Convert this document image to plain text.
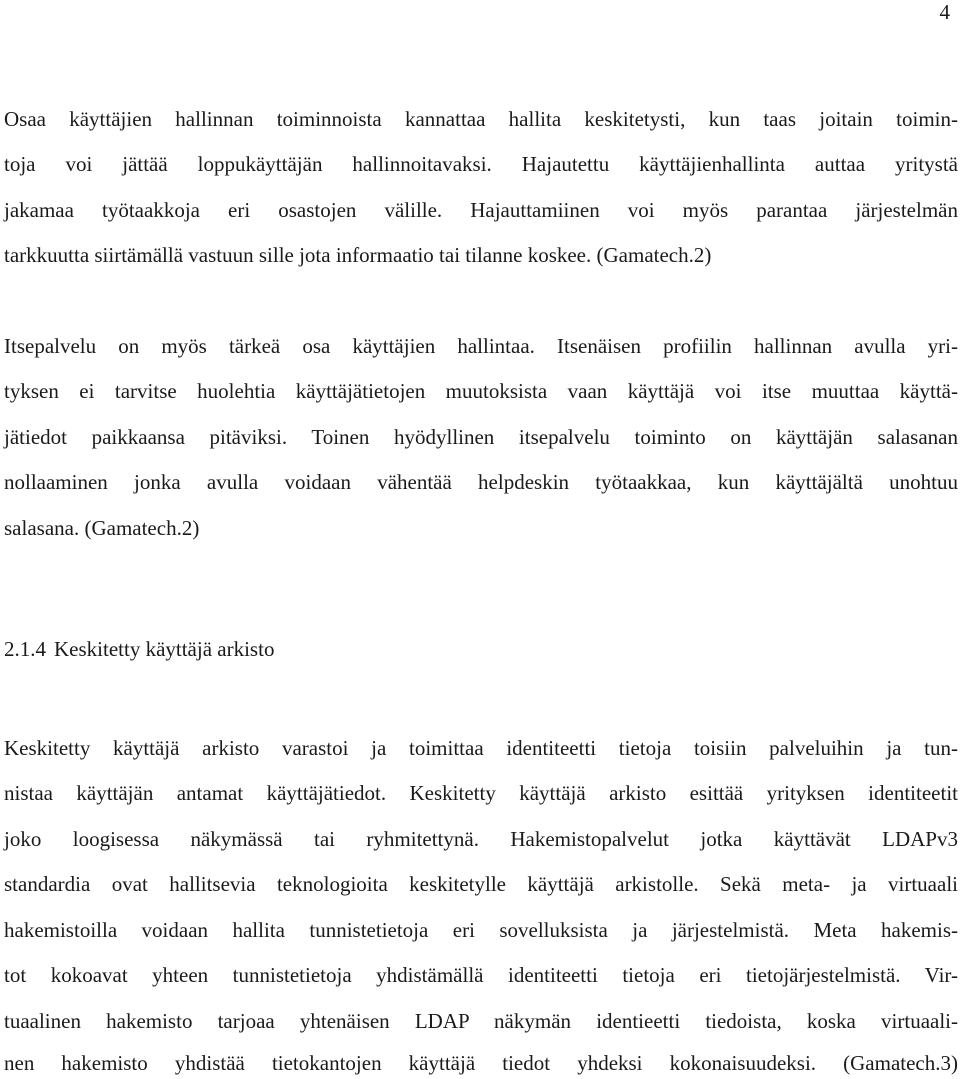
4
Osaa käyttäjien hallinnan toiminnoista kannattaa hallita keskitetysti, kun taas joitain toimin-
toja voi jättää loppukäyttäjän hallinnoitavaksi. Hajautettu käyttäjienhallinta auttaa yritystä
jakamaa työtaakkoja eri osastojen välille. Hajauttamiinen voi myös parantaa järjestelmän
tarkkuutta siirtämällä vastuun sille jota informaatio tai tilanne koskee. (Gamatech.2)
Itsepalvelu on myös tärkeä osa käyttäjien hallintaa. Itsenäisen profiilin hallinnan avulla yri-
tyksen ei tarvitse huolehtia käyttäjätietojen muutoksista vaan käyttäjä voi itse muuttaa käyttä-
jätiedot paikkaansa pitäviksi. Toinen hyödyllinen itsepalvelu toiminto on käyttäjän salasanan
nollaaminen jonka avulla voidaan vähentää helpdeskin työtaakkaa, kun käyttäjältä unohtuu
salasana. (Gamatech.2)
2.1.4 Keskitetty käyttäjä arkisto
Keskitetty käyttäjä arkisto varastoi ja toimittaa identiteetti tietoja toisiin palveluihin ja tun-
nistaa käyttäjän antamat käyttäjätiedot. Keskitetty käyttäjä arkisto esittää yrityksen identiteetit
joko loogisessa näkymässä tai ryhmitettynä. Hakemistopalvelut jotka käyttävät LDAPv3
standardia ovat hallitsevia teknologioita keskitetylle käyttäjä arkistolle. Sekä meta- ja virtuaali
hakemistoilla voidaan hallita tunnistetietoja eri sovelluksista ja järjestelmistä. Meta hakemis-
tot kokoavat yhteen tunnistetietoja yhdistämällä identiteetti tietoja eri tietojärjestelmistä. Vir-
tuaalinen hakemisto tarjoaa yhtenäisen LDAP näkymän identieetti tiedoista, koska virtuaali-
nen hakemisto yhdistää tietokantojen käyttäjä tiedot yhdeksi kokonaisuudeksi. (Gamatech.3)
